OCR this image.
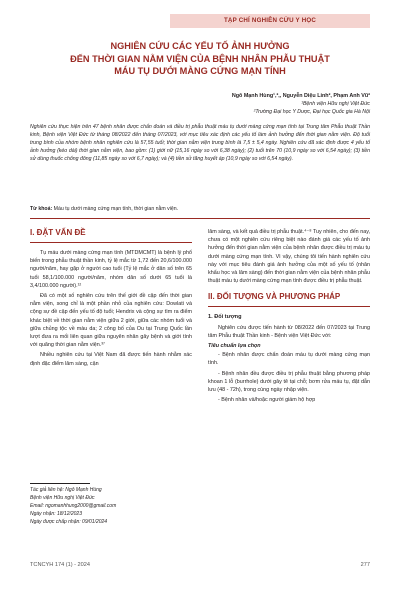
TẠP CHÍ NGHIÊN CỨU Y HỌC
NGHIÊN CỨU CÁC YẾU TỐ ẢNH HƯỞNG
ĐẾN THỜI GIAN NẰM VIỆN CỦA BỆNH NHÂN PHẪU THUẬT
MÁU TỤ DƯỚI MÀNG CỨNG MẠN TÍNH
Ngô Mạnh Hùng¹,²,, Nguyễn Diệu Linh², Phạm Anh Vũ²
¹Bệnh viện Hữu nghị Việt Đức
²Trường Đại học Y Dược, Đại học Quốc gia Hà Nội
Nghiên cứu thực hiện trên 47 bệnh nhân được chẩn đoán và điều trị phẫu thuật máu tụ dưới màng cứng mạn tính tại Trung tâm Phẫu thuật Thần kinh, Bệnh viện Việt Đức từ tháng 08/2022 đến tháng 07/2023, với mục tiêu xác định các yếu tố làm ảnh hưởng đến thời gian nằm viện. Độ tuổi trung bình của nhóm bệnh nhân nghiên cứu là 57,55 tuổi; thời gian nằm viện trung bình là 7,5 ± 5,4 ngày. Nghiên cứu đã xác định được 4 yếu tố ảnh hưởng (kéo dài) thời gian nằm viện, bao gồm: (1) giới nữ (15,16 ngày so với 6,38 ngày); (2) tuổi trên 70 (10,9 ngày so với 6,54 ngày); (3) tiền sử dùng thuốc chống đông (11,85 ngày so với 6,7 ngày); và (4) tiền sử tăng huyết áp (10,9 ngày so với 6,54 ngày).
Từ khoá: Máu tụ dưới màng cứng mạn tính, thời gian nằm viện.
I. ĐẶT VẤN ĐỀ

Tụ máu dưới màng cứng mạn tính (MTDMCMT) là bệnh lý phổ biến trong phẫu thuật thần kinh, tỷ lệ mắc từ 1,72 đến 20,6/100.000 người/năm, hay gặp ở người cao tuổi (Tỷ lệ mắc ở dân số trên 65 tuổi 58,1/100.000 người/năm, nhóm dân số dưới 65 tuổi là 3,4/100.000 người).¹²

Đã có một số nghiên cứu trên thế giới đề cập đến thời gian nằm viện, song chỉ là một phần nhỏ của nghiên cứu: Dowlati và cộng sự đề cập đến yếu tố độ tuổi; Hendrix và cộng sự tìm ra điểm khác biệt về thời gian nằm viện giữa 2 giới, giữa các nhóm tuổi và giữa chủng tộc về màu da; 2 công bố của Ou tại Trung Quốc lần lượt đưa ra mối liên quan giữa nguyên nhân gây bệnh và giới tính với quãng thời gian nằm viện.³⁷

Nhiều nghiên cứu tại Việt Nam đã được tiến hành nhằm xác định đặc điểm lâm sàng, cận

Tác giả liên hệ: Ngô Mạnh Hùng
Bệnh viện Hữu nghị Việt Đức
Email: ngomanhhung2000@gmail.com
Ngày nhận: 18/12/2023
Ngày được chấp nhận: 09/01/2024

lâm sàng, và kết quả điều trị phẫu thuật.⁴⁻⁸ Tuy nhiên, cho đến nay, chưa có một nghiên cứu riêng biệt nào đánh giá các yếu tố ảnh hưởng đến thời gian nằm viện của bệnh nhân được điều trị máu tụ dưới màng cứng mạn tính. Vì vậy, chúng tôi tiến hành nghiên cứu này với mục tiêu đánh giá ảnh hưởng của một số yếu tố (nhân khẩu học và lâm sàng) đến thời gian nằm viện của bệnh nhân phẫu thuật máu tụ dưới màng cứng mạn tính được điều trị phẫu thuật.

II. ĐỐI TƯỢNG VÀ PHƯƠNG PHÁP
1. Đối tượng

Nghiên cứu được tiến hành từ 08/2022 đến 07/2023 tại Trung tâm Phẫu thuật Thần kinh - Bệnh viện Việt Đức với:

Tiêu chuẩn lựa chọn

- Bệnh nhân được chẩn đoán máu tụ dưới màng cứng mạn tính.

- Bệnh nhân đều được điều trị phẫu thuật bằng phương pháp khoan 1 lỗ (burrhole) dưới gây tê tại chỗ; bơm rửa máu tụ, đặt dẫn lưu (48 - 72h), trong cùng ngày nhập viện.

- Bệnh nhân và/hoặc người giám hộ hợp

TCNCYH 174 (1) - 2024	277
